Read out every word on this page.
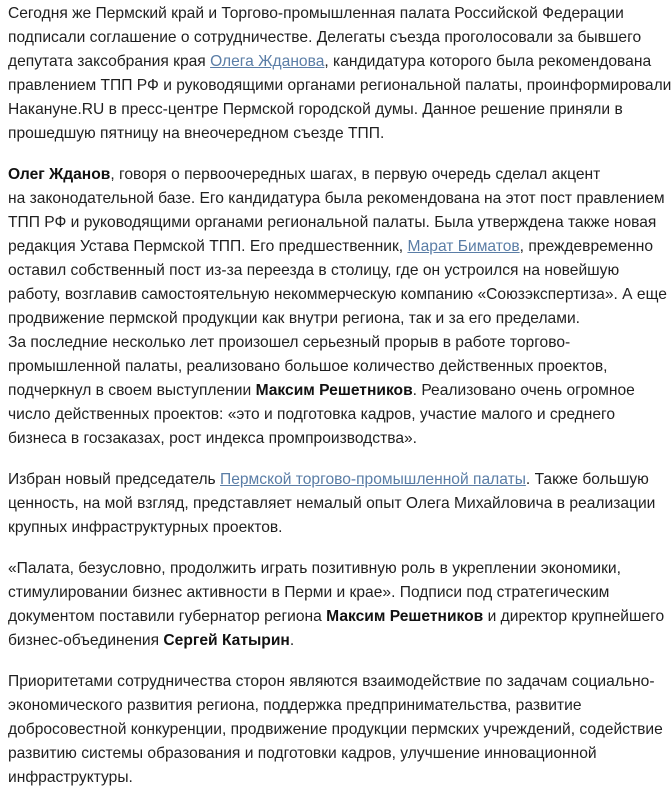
Сегодня же Пермский край и Торгово-промышленная палата Российской Федерации
подписали соглашение о сотрудничестве. Делегаты съезда проголосовали за бывшего
депутата заксобрания края Олега Жданова, кандидатура которого была рекомендована
правлением ТПП РФ и руководящими органами региональной палаты, проинформировали
Накануне.RU в пресс-центре Пермской городской думы. Данное решение приняли в
прошедшую пятницу на внеочередном съезде ТПП.

Олег Жданов, говоря о первоочередных шагах, в первую очередь сделал акцент
на законодательной базе. Его кандидатура была рекомендована на этот пост правлением
ТПП РФ и руководящими органами региональной палаты. Была утверждена также новая
редакция Устава Пермской ТПП. Его предшественник, Марат Биматов, преждевременно
оставил собственный пост из-за переезда в столицу, где он устроился на новейшую
работу, возглавив самостоятельную некоммерческую компанию «Союзэкспертиза». А еще
продвижение пермской продукции как внутри региона, так и за его пределами.

За последние несколько лет произошел серьезный прорыв в работе торгово-
промышленной палаты, реализовано большое количество действенных проектов,
подчеркнул в своем выступлении Максим Решетников. Реализовано очень огромное
число действенных проектов: «это и подготовка кадров, участие малого и среднего
бизнеса в госзаказах, рост индекса промпроизводства».

Избран новый председатель Пермской торгово-промышленной палаты. Также большую
ценность, на мой взгляд, представляет немалый опыт Олега Михайловича в реализации
крупных инфраструктурных проектов.

«Палата, безусловно, продолжить играть позитивную роль в укреплении экономики,
стимулировании бизнес активности в Перми и крае». Подписи под стратегическим
документом поставили губернатор региона Максим Решетников и директор крупнейшего
бизнес-объединения Сергей Катырин.

Приоритетами сотрудничества сторон являются взаимодействие по задачам социально-
экономического развития региона, поддержка предпринимательства, развитие
добросовестной конкуренции, продвижение продукции пермских учреждений, содействие
развитию системы образования и подготовки кадров, улучшение инновационной
инфраструктуры.
